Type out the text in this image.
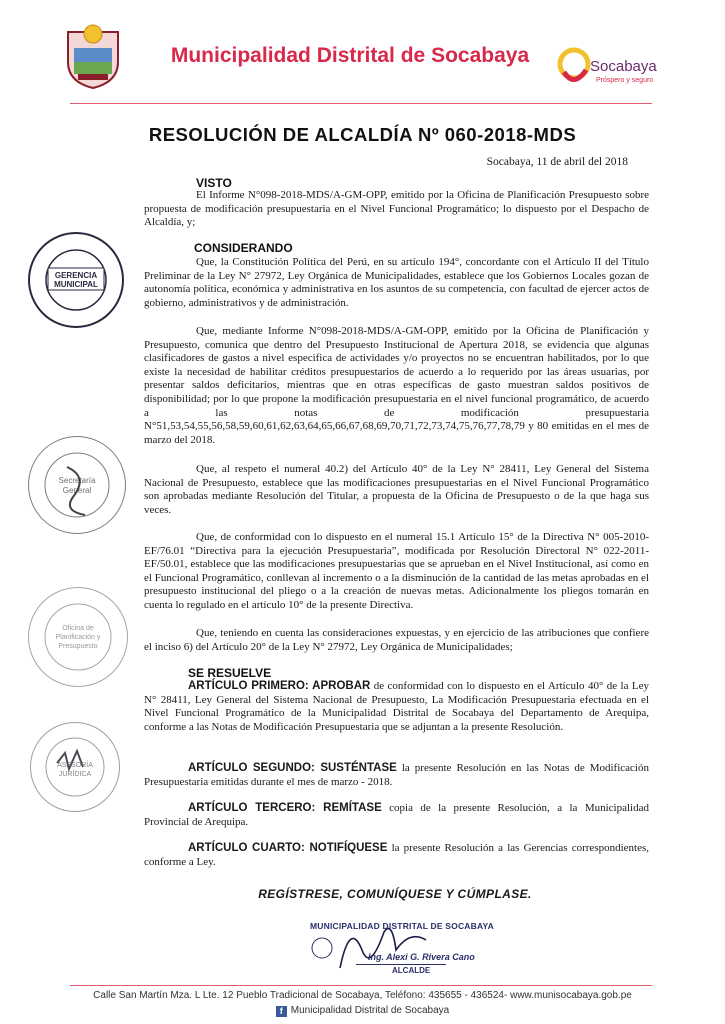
Municipalidad Distrital de Socabaya	Socabaya
Próspero y seguro
RESOLUCIÓN DE ALCALDÍA Nº 060-2018-MDS
Socabaya, 11 de abril del 2018
VISTO
El Informe N°098-2018-MDS/A-GM-OPP, emitido por la Oficina de Planificación Presupuesto sobre propuesta de modificación presupuestaria en el Nivel Funcional Programático; lo dispuesto por el Despacho de Alcaldía, y;
CONSIDERANDO
Que, la Constitución Política del Perú, en su artículo 194°, concordante con el Artículo II del Título Preliminar de la Ley N° 27972, Ley Orgánica de Municipalidades, establece que los Gobiernos Locales gozan de autonomía política, económica y administrativa en los asuntos de su competencia, con facultad de ejercer actos de gobierno, administrativos y de administración.
Que, mediante Informe N°098-2018-MDS/A-GM-OPP, emitido por la Oficina de Planificación y Presupuesto, comunica que dentro del Presupuesto Institucional de Apertura 2018, se evidencia que algunas clasificadores de gastos a nivel especifica de actividades y/o proyectos no se encuentran habilitados, por lo que existe la necesidad de habilitar créditos presupuestarios de acuerdo a lo requerido por las áreas usuarias, por presentar saldos deficitarios, mientras que en otras específicas de gasto muestran saldos positivos de disponibilidad; por lo que propone la modificación presupuestaria en el nivel funcional programático, de acuerdo a las notas de modificación presupuestaria N°51,53,54,55,56,58,59,60,61,62,63,64,65,66,67,68,69,70,71,72,73,74,75,76,77,78,79 y 80 emitidas en el mes de marzo del 2018.
Que, al respeto el numeral 40.2) del Artículo 40° de la Ley N° 28411, Ley General del Sistema Nacional de Presupuesto, establece que las modificaciones presupuestarias en el Nivel Funcional Programático son aprobadas mediante Resolución del Titular, a propuesta de la Oficina de Presupuesto o de la que haga sus veces.
Que, de conformidad con lo dispuesto en el numeral 15.1 Artículo 15° de la Directiva N° 005-2010-EF/76.01 “Directiva para la ejecución Presupuestaria”, modificada por Resolución Directoral N° 022-2011-EF/50.01, establece que las modificaciones presupuestarias que se aprueban en el Nivel Institucional, así como en el Funcional Programático, conllevan al incremento o a la disminución de la cantidad de las metas aprobadas en el presupuesto institucional del pliego o a la creación de nuevas metas. Adicionalmente los pliegos tomarán en cuenta lo regulado en el artículo 10° de la presente Directiva.
Que, teniendo en cuenta las consideraciones expuestas, y en ejercicio de las atribuciones que confiere el inciso 6) del Artículo 20° de la Ley N° 27972, Ley Orgánica de Municipalidades;
SE RESUELVE
ARTÍCULO PRIMERO: APROBAR de conformidad con lo dispuesto en el Artículo 40° de la Ley N° 28411, Ley General del Sistema Nacional de Presupuesto, La Modificación Presupuestaria efectuada en el Nivel Funcional Programático de la Municipalidad Distrital de Socabaya del Departamento de Arequipa, conforme a las Notas de Modificación Presupuestaria que se adjuntan a la presente Resolución.
ARTÍCULO SEGUNDO: SUSTÉNTASE la presente Resolución en las Notas de Modificación Presupuestaria emitidas durante el mes de marzo - 2018.
ARTÍCULO TERCERO: REMÍTASE copia de la presente Resolución, a la Municipalidad Provincial de Arequipa.
ARTÍCULO CUARTO: NOTIFÍQUESE la presente Resolución a las Gerencias correspondientes, conforme a Ley.
REGÍSTRESE, COMUNÍQUESE Y CÚMPLASE.
GERENCIA
MUNICIPAL
Secretaría
General
Oficina de
Planificación y
Presupuesto
ASESORÍA
JURÍDICA
MUNICIPALIDAD DISTRITAL DE SOCABAYA
Ing. Alexi G. Rivera Cano
ALCALDE
Calle San Martín Mza. L Lte. 12 Pueblo Tradicional de Socabaya, Teléfono: 435655 - 436524- www.munisocabaya.gob.pe
f Municipalidad Distrital de Socabaya
